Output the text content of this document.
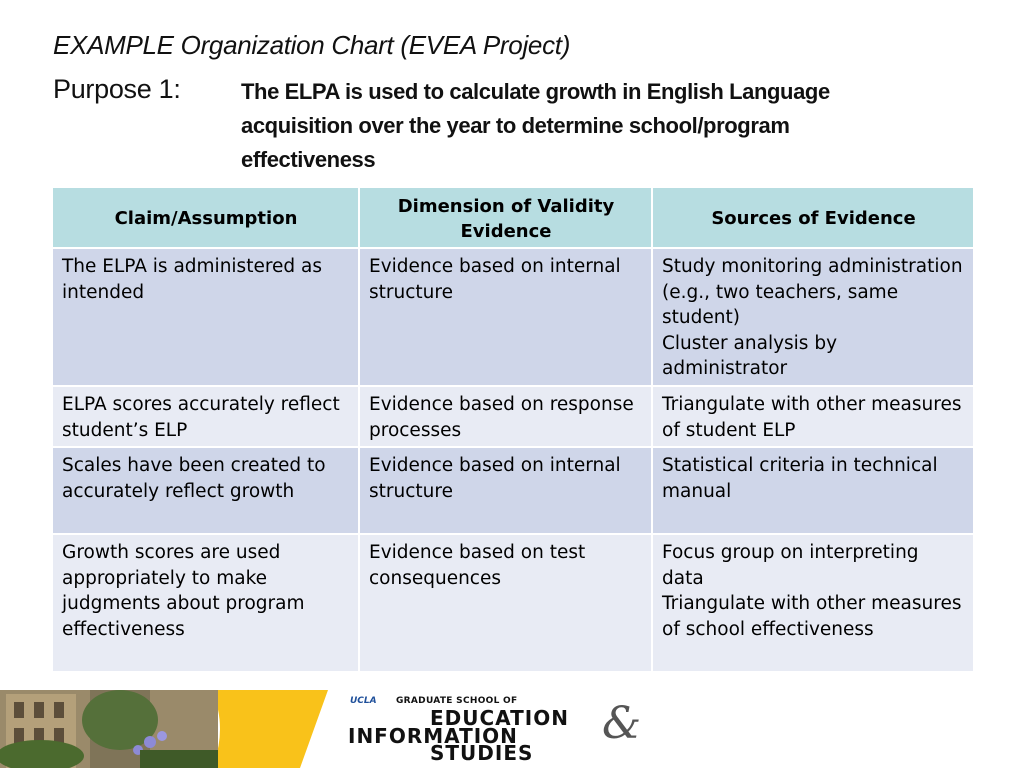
EXAMPLE Organization Chart (EVEA Project)
Purpose 1:	The ELPA is used to calculate growth in English Language acquisition over the year to determine school/program effectiveness
Claim/Assumption	Dimension of Validity Evidence	Sources of Evidence
The ELPA is administered as intended	Evidence based on internal structure	Study monitoring administration (e.g., two teachers, same student)
Cluster analysis by administrator

ELPA scores accurately reflect student’s ELP	Evidence based on response processes	Triangulate with other measures of student ELP

Scales have been created to accurately reflect growth	Evidence based on internal structure	Statistical criteria in technical manual

Growth scores are used appropriately to make judgments about program effectiveness	Evidence based on test consequences	Focus group on interpreting data
Triangulate with other measures of school effectiveness
UCLA GRADUATE SCHOOL OF
EDUCATION &
INFORMATION
STUDIES
